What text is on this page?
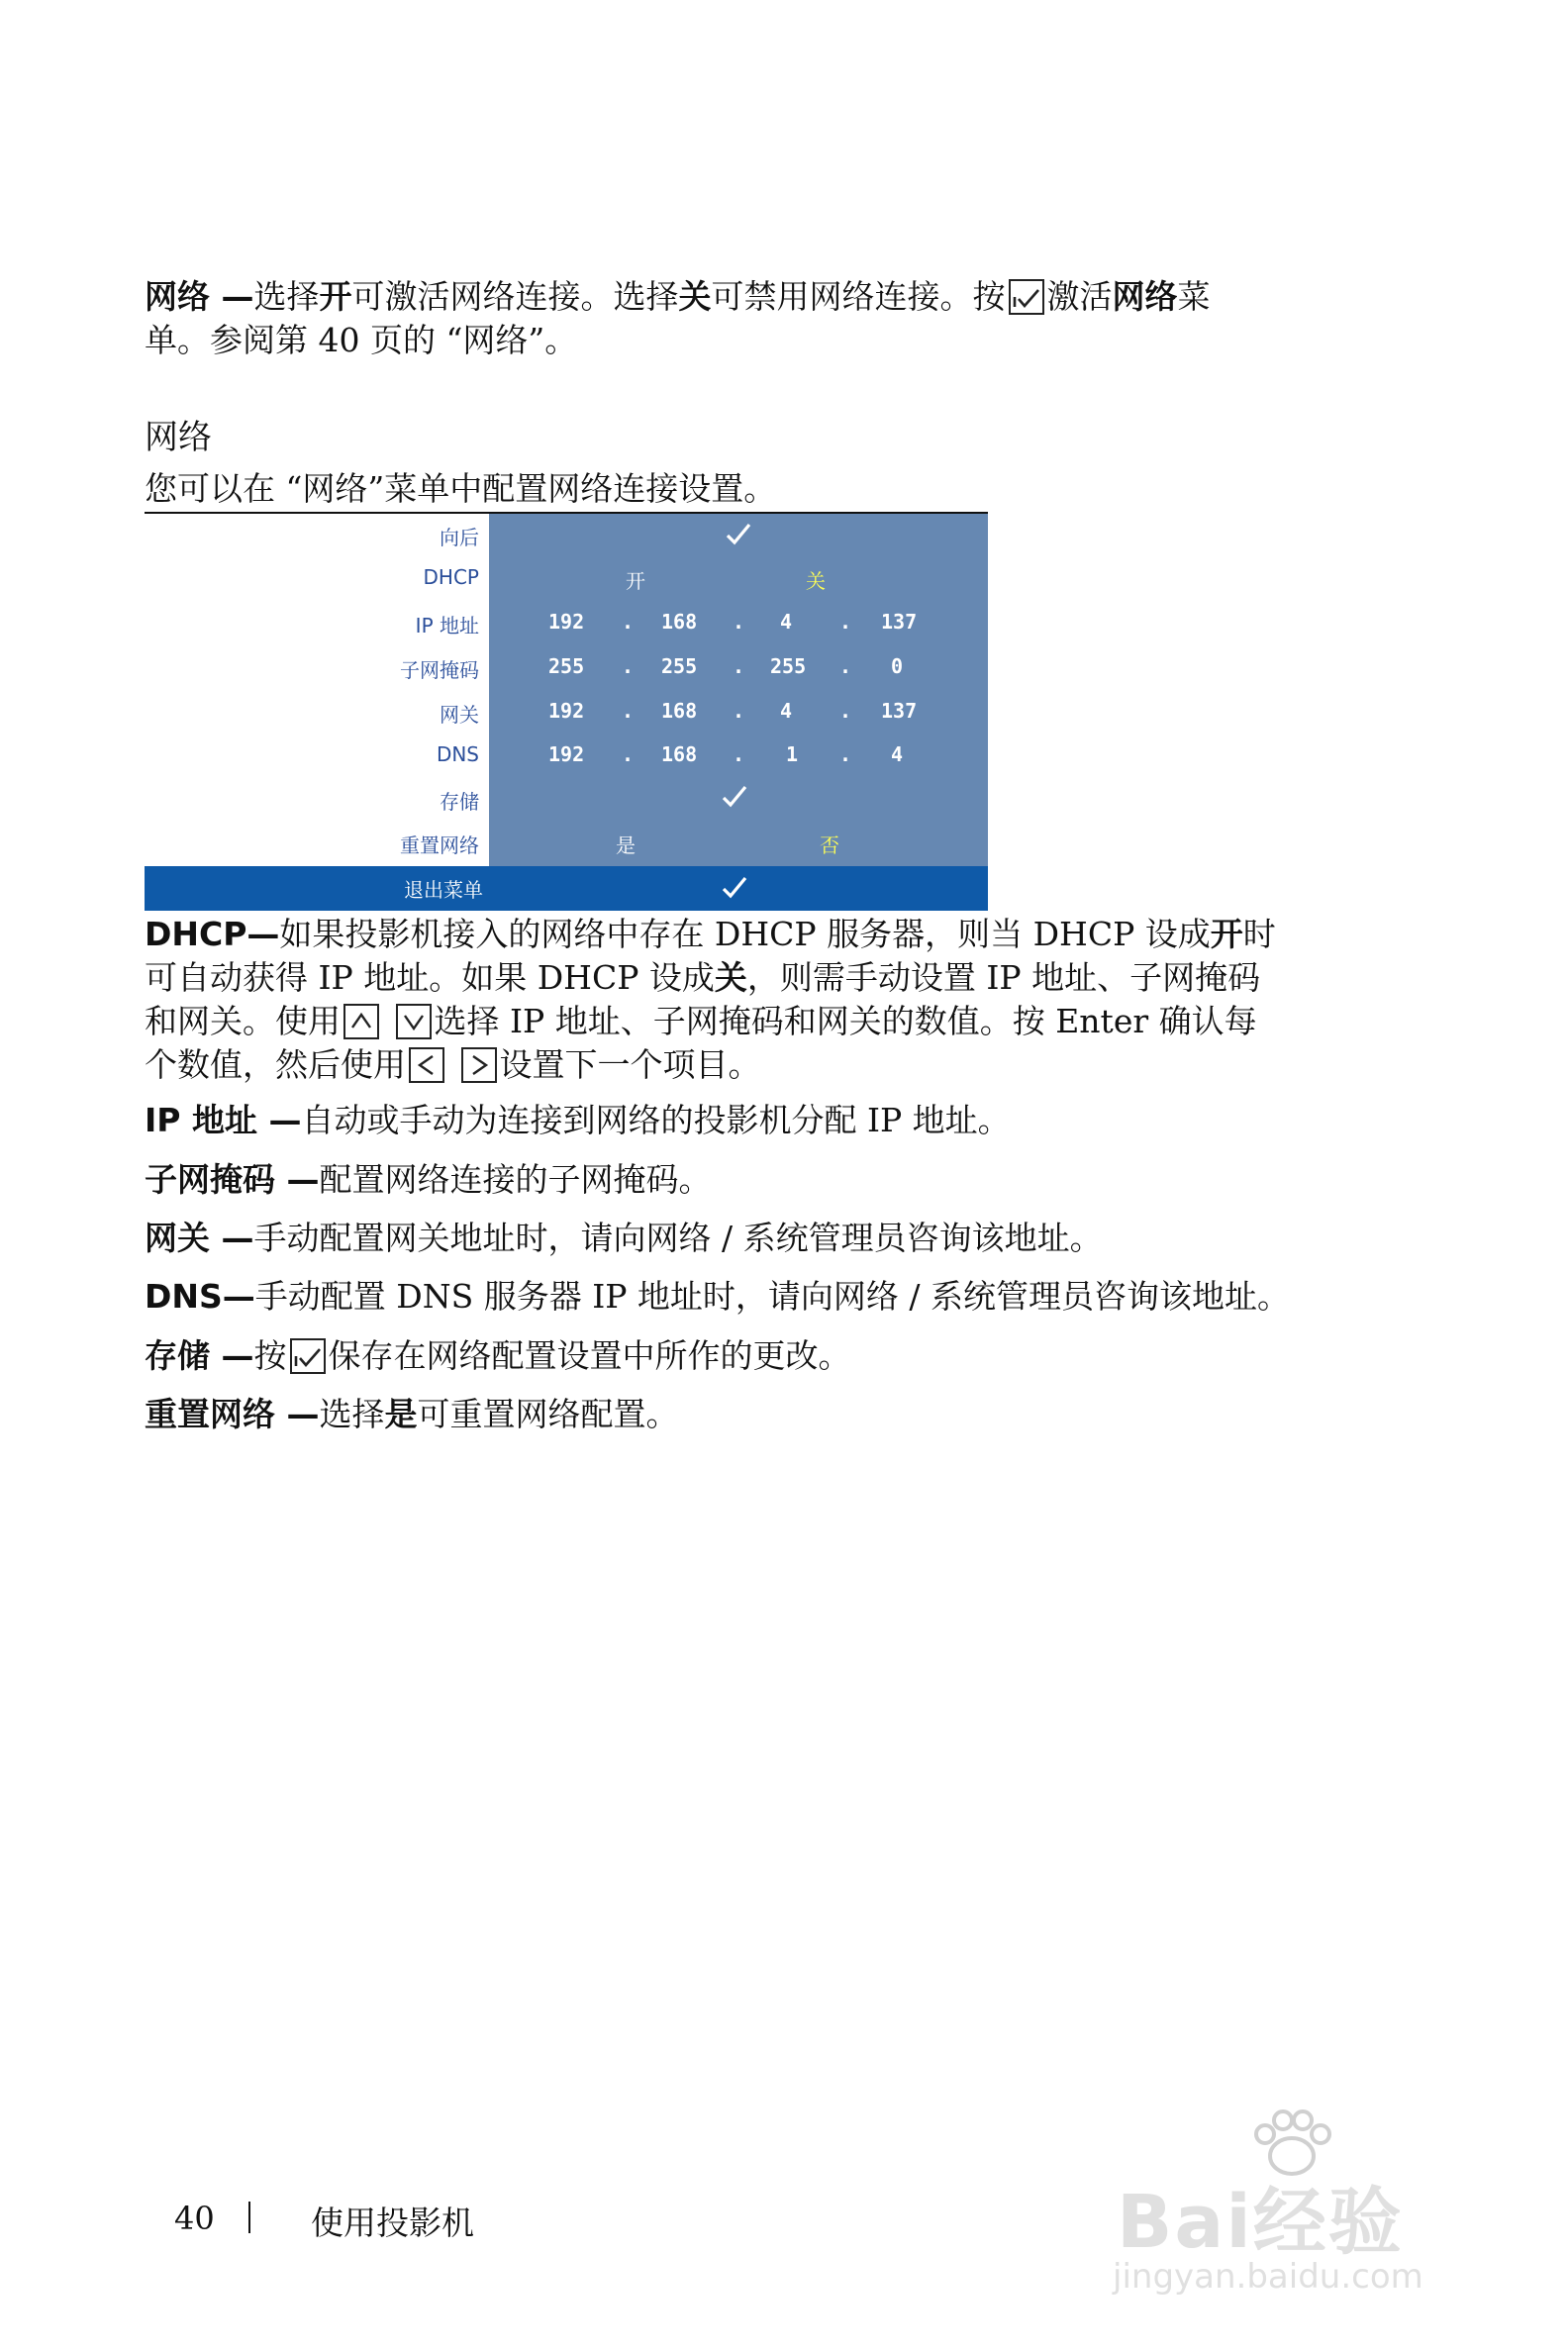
网络 —选择开可激活网络连接。选择关可禁用网络连接。按 激活网络菜
单。参阅第 40 页的 “网络”。

网络
您可以在 “网络”菜单中配置网络连接设置。
向后
DHCP	开	关
IP 地址	192 . 168 . 4 . 137
子网掩码	255 . 255 . 255 . 0
网关	192 . 168 . 4 . 137
DNS	192 . 168 . 1 . 4
存储
重置网络	是	否
退出菜单

DHCP—如果投影机接入的网络中存在 DHCP 服务器，则当 DHCP 设成开时
可自动获得 IP 地址。如果 DHCP 设成关，则需手动设置 IP 地址、子网掩码
和网关。使用
	选择 IP 地址、子网掩码和网关的数值。按 Enter 确认每
个数值，然后使用
	设置下一个项目。

IP 地址 —自动或手动为连接到网络的投影机分配 IP 地址。

子网掩码 —配置网络连接的子网掩码。

网关 —手动配置网关地址时，请向网络 / 系统管理员咨询该地址。

DNS—手动配置 DNS 服务器 IP 地址时，请向网络 / 系统管理员咨询该地址。

存储 —按 保存在网络配置设置中所作的更改。

重置网络 —选择是可重置网络配置。

40	使用投影机	Bai经验
jingyan.baidu.com
